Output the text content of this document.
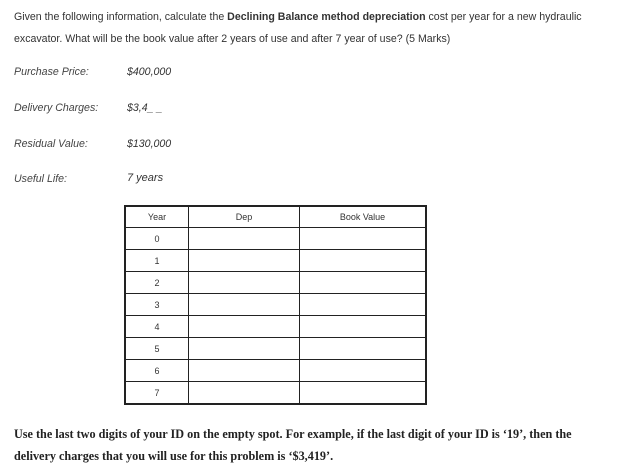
Given the following information, calculate the Declining Balance method depreciation cost per year for a new hydraulic excavator. What will be the book value after 2 years of use and after 7 year of use? (5 Marks)
Purchase Price:	$400,000
Delivery Charges:	$3,4_ _
Residual Value:	$130,000
Useful Life:	7 years
Year	Dep	Book Value
0		
1		
2		
3		
4		
5		
6		
7		
Use the last two digits of your ID on the empty spot. For example, if the last digit of your ID is ‘19’, then the delivery charges that you will use for this problem is ‘$3,419’.
